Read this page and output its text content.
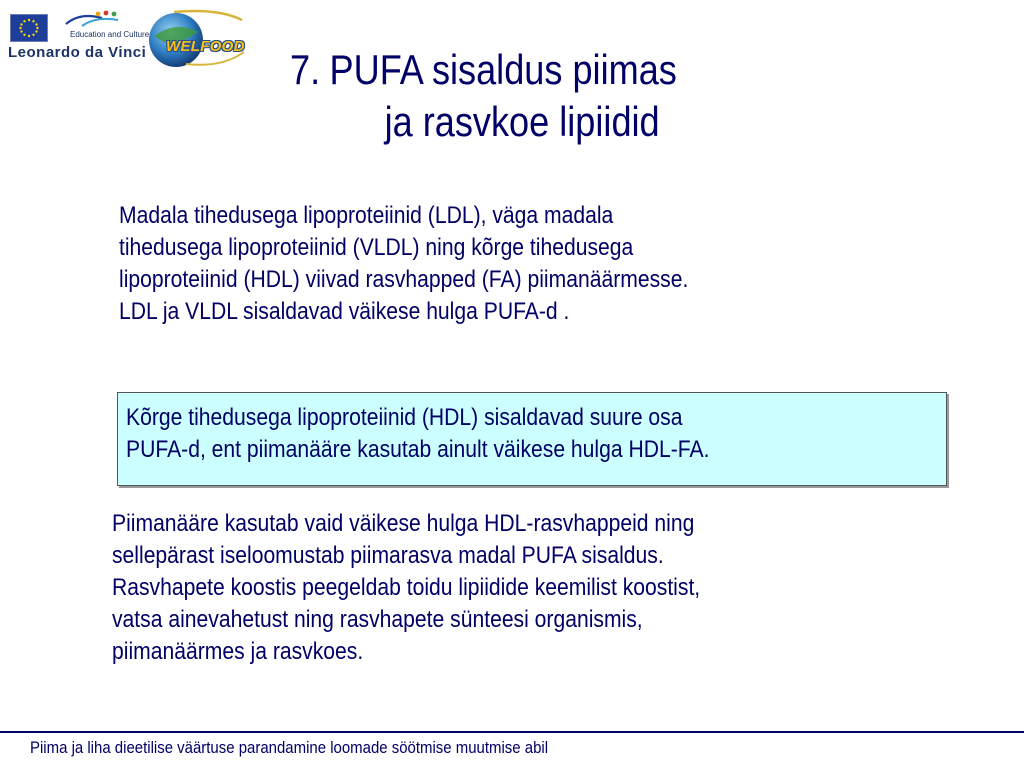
Education and Culture
Leonardo da Vinci WELFOOD 7. PUFA sisaldus piimas
ja rasvkoe lipiidid
Madala tihedusega lipoproteiinid (LDL), väga madala
tihedusega lipoproteiinid (VLDL) ning kõrge tihedusega
lipoproteiinid (HDL) viivad rasvhapped (FA) piimanäärmesse.
LDL ja VLDL sisaldavad väikese hulga PUFA-d .
Kõrge tihedusega lipoproteiinid (HDL) sisaldavad suure osa
PUFA-d, ent piimanääre kasutab ainult väikese hulga HDL-FA.
Piimanääre kasutab vaid väikese hulga HDL-rasvhappeid ning
sellepärast iseloomustab piimarasva madal PUFA sisaldus.
Rasvhapete koostis peegeldab toidu lipiidide keemilist koostist,
vatsa ainevahetust ning rasvhapete sünteesi organismis,
piimanäärmes ja rasvkoes.
Piima ja liha dieetilise väärtuse parandamine loomade söötmise muutmise abil
